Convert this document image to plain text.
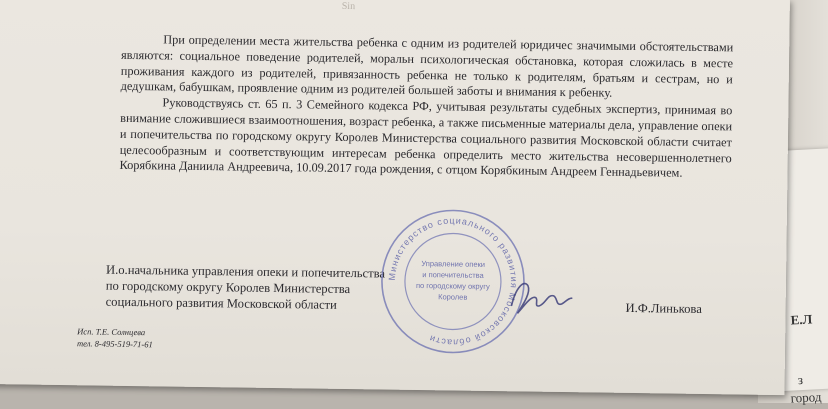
Е.Л
з
город
Sin

При определении места жительства ребенка с одним из родителей юридичес значимыми обстоятельствами являются: социальное поведение родителей, моральн психологическая обстановка, которая сложилась в месте проживания каждого из родителей, привязанность ребенка не только к родителям, братьям и сестрам, но и дедушкам, бабушкам, проявление одним из родителей большей заботы и внимания к ребенку.

Руководствуясь ст. 65 п. 3 Семейного кодекса РФ, учитывая результаты судебных экспертиз, принимая во внимание сложившиеся взаимоотношения, возраст ребенка, а также письменные материалы дела, управление опеки и попечительства по городскому округу Королев Министерства социального развития Московской области считает целесообразным и соответствующим интересам ребенка определить место жительства несовершеннолетнего Корябкина Даниила Андреевича, 10.09.2017 года рождения, с отцом Корябкиным Андреем Геннадьевичем.

И.о.начальника управления опеки и попечительства
по городскому округу Королев Министерства
социального развития Московской области	И.Ф.Линькова
Исп. Т.Е. Солнцева
тел. 8-495-519-71-61
Министерство социального развития Московской области
Управление опеки
и попечительства
по городскому округу
Королев
